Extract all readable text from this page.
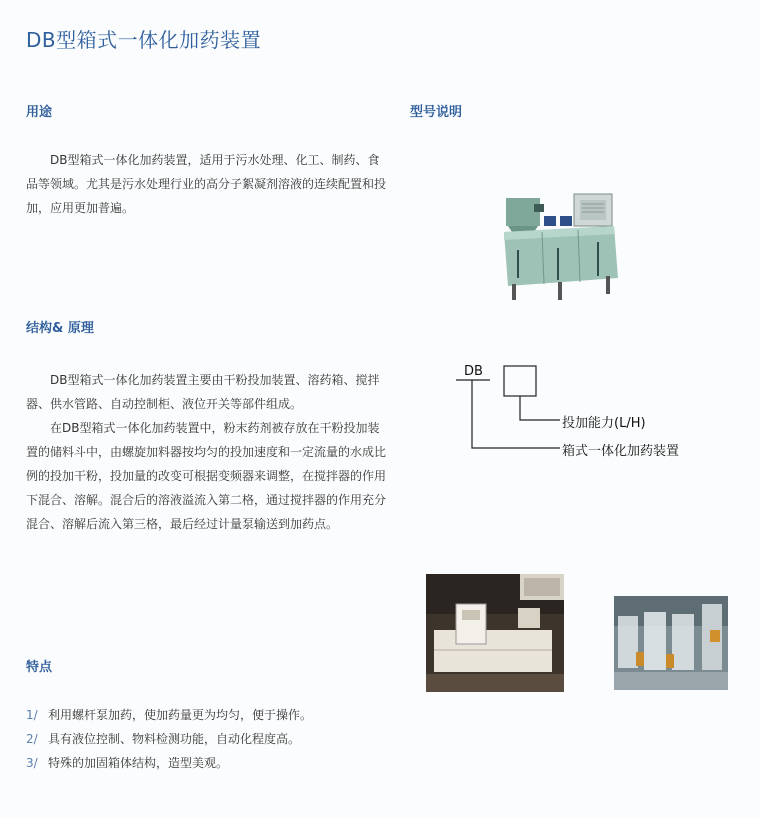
DB型箱式一体化加药装置
用途

DB型箱式一体化加药装置，适用于污水处理、化工、制药、食品等领域。尤其是污水处理行业的高分子絮凝剂溶液的连续配置和投加，应用更加普遍。

型号说明
DB
投加能力(L/H)
箱式一体化加药装置
结构& 原理

DB型箱式一体化加药装置主要由干粉投加装置、溶药箱、搅拌器、供水管路、自动控制柜、液位开关等部件组成。

在DB型箱式一体化加药装置中，粉末药剂被存放在干粉投加装置的储料斗中，由螺旋加料器按均匀的投加速度和一定流量的水成比例的投加干粉，投加量的改变可根据变频器来调整，在搅拌器的作用下混合、溶解。混合后的溶液溢流入第二格，通过搅拌器的作用充分混合、溶解后流入第三格，最后经过计量泵输送到加药点。

特点
1/ 利用螺杆泵加药，使加药量更为均匀，便于操作。
2/ 具有液位控制、物料检测功能，自动化程度高。
3/ 特殊的加固箱体结构，造型美观。
